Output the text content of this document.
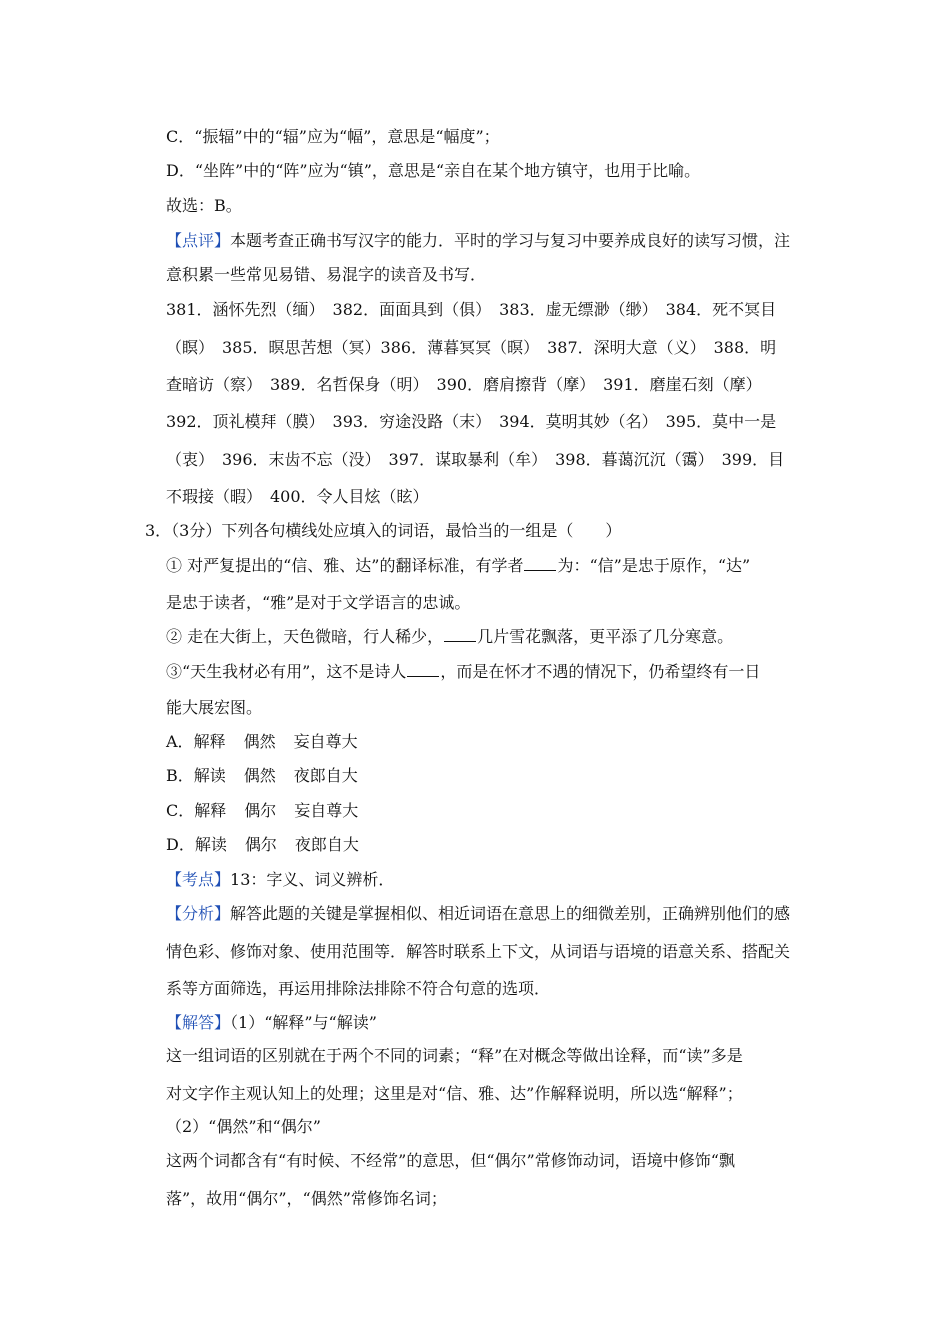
C．“振辐”中的“辐”应为“幅”，意思是“幅度”；
D．“坐阵”中的“阵”应为“镇”，意思是“亲自在某个地方镇守，也用于比喻。
故选：B。
【点评】本题考查正确书写汉字的能力．平时的学习与复习中要养成良好的读写习惯，注
意积累一些常见易错、易混字的读音及书写．
381．涵怀先烈（缅）　382．面面具到（俱）　383．虚无缥渺（缈）　384．死不冥目
（瞑）　385．暝思苦想（冥）386．薄暮冥冥（暝）　387．深明大意（义）　388．明
查暗访（察）　389．名哲保身（明）　390．磨肩擦背（摩）　391．磨崖石刻（摩）
392．顶礼模拜（膜）　393．穷途没路（末）　394．莫明其妙（名）　395．莫中一是
（衷）　396．末齿不忘（没）　397．谋取暴利（牟）　398．暮蔼沉沉（霭）　399．目
不瑕接（暇）　400．令人目炫（眩）
3．（3分）下列各句横线处应填入的词语，最恰当的一组是（　　）
① 对严复提出的“信、雅、达”的翻译标准，有学者 为：“信”是忠于原作，“达”
是忠于读者，“雅”是对于文学语言的忠诚。
② 走在大街上，天色微暗，行人稀少， 几片雪花飘落，更平添了几分寒意。
③“天生我材必有用”，这不是诗人 ，而是在怀才不遇的情况下，仍希望终有一日
能大展宏图。
A．解释 偶然 妄自尊大
B．解读 偶然 夜郎自大
C．解释 偶尔 妄自尊大
D．解读 偶尔 夜郎自大
【考点】13：字义、词义辨析．
【分析】解答此题的关键是掌握相似、相近词语在意思上的细微差别，正确辨别他们的感
情色彩、修饰对象、使用范围等．解答时联系上下文，从词语与语境的语意关系、搭配关
系等方面筛选，再运用排除法排除不符合句意的选项．
【解答】（1）“解释”与“解读”
这一组词语的区别就在于两个不同的词素；“释”在对概念等做出诠释，而“读”多是
对文字作主观认知上的处理；这里是对“信、雅、达”作解释说明，所以选“解释”；
（2）“偶然”和“偶尔”
这两个词都含有“有时候、不经常”的意思，但“偶尔”常修饰动词，语境中修饰“飘
落”，故用“偶尔”，“偶然”常修饰名词；
